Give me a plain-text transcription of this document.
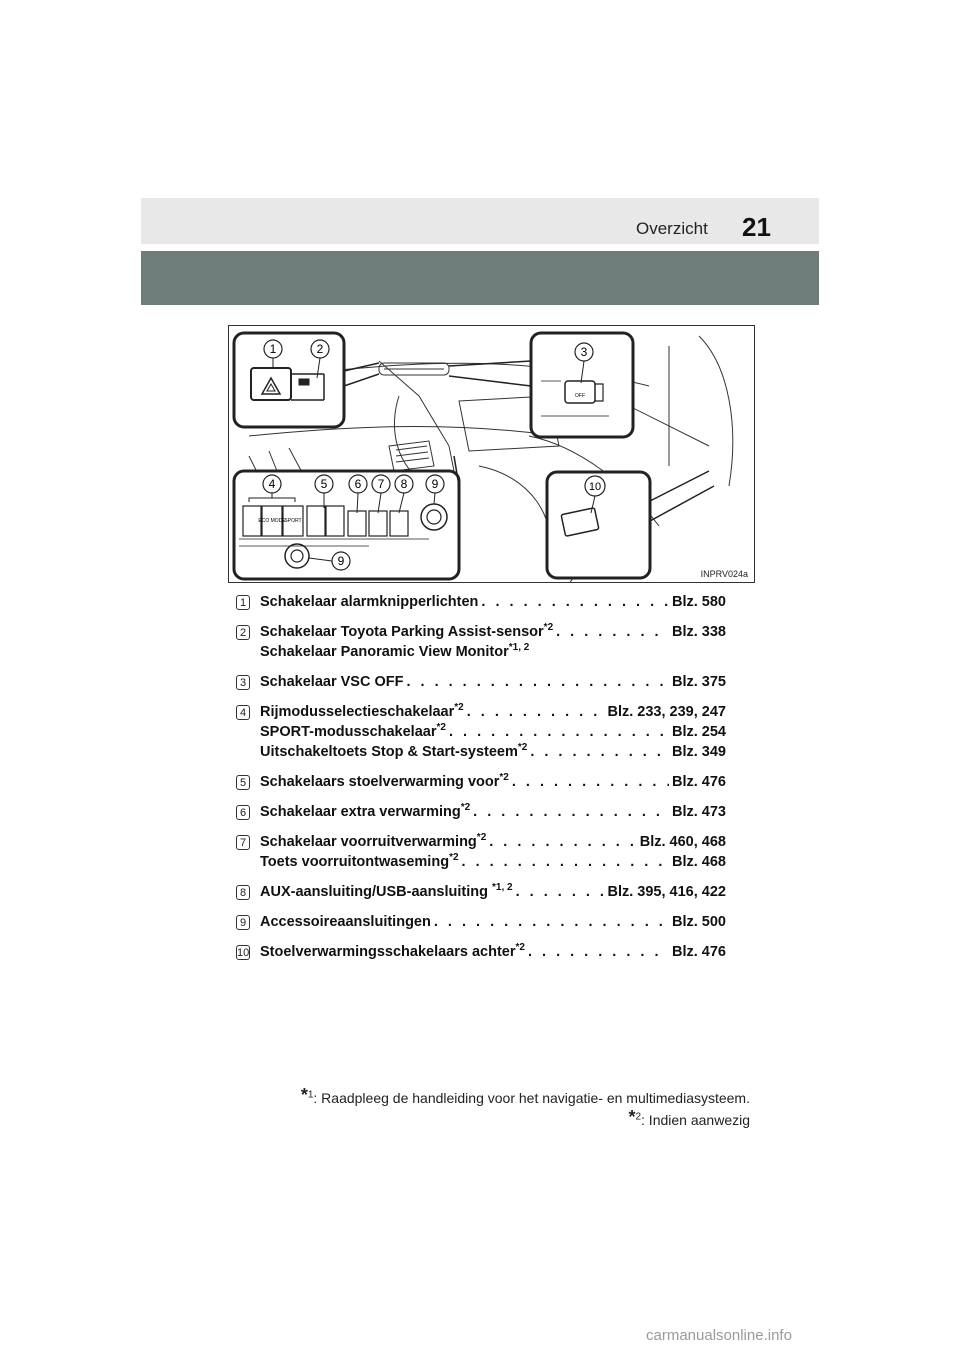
Overzicht 21
1	2	3
OFF
4	5 6 7 8 9
9
ECO MODE
SPORT
10
INPRV024a
1 Schakelaar alarmknipperlichten . . .	Blz. 580
2 Schakelaar Toyota Parking Assist-sensor$^{*2}$ . . .	Blz. 338
Schakelaar Panoramic View Monitor$^{*1, 2}$
3 Schakelaar VSC OFF . . .	Blz. 375
4 Rijmodusselectieschakelaar$^{*2}$ . . .	Blz. 233, 239, 247
SPORT-modusschakelaar$^{*2}$ . . .	Blz. 254
Uitschakeltoets Stop & Start-systeem$^{*2}$ . . .	Blz. 349
5 Schakelaars stoelverwarming voor$^{*2}$ . . .	Blz. 476
6 Schakelaar extra verwarming$^{*2}$ . . .	Blz. 473
7 Schakelaar voorruitverwarming$^{*2}$ . . .	Blz. 460, 468
Toets voorruitontwaseming$^{*2}$ . . .	Blz. 468
8 AUX-aansluiting/USB-aansluiting $^{*1, 2}$ . . .	Blz. 395, 416, 422
9 Accessoireaansluitingen . . .	Blz. 500
10 Stoelverwarmingsschakelaars achter$^{*2}$ . . .	Blz. 476
*$^1$: Raadpleeg de handleiding voor het navigatie- en multimediasysteem.
*$^2$: Indien aanwezig
carmanualsonline.info
